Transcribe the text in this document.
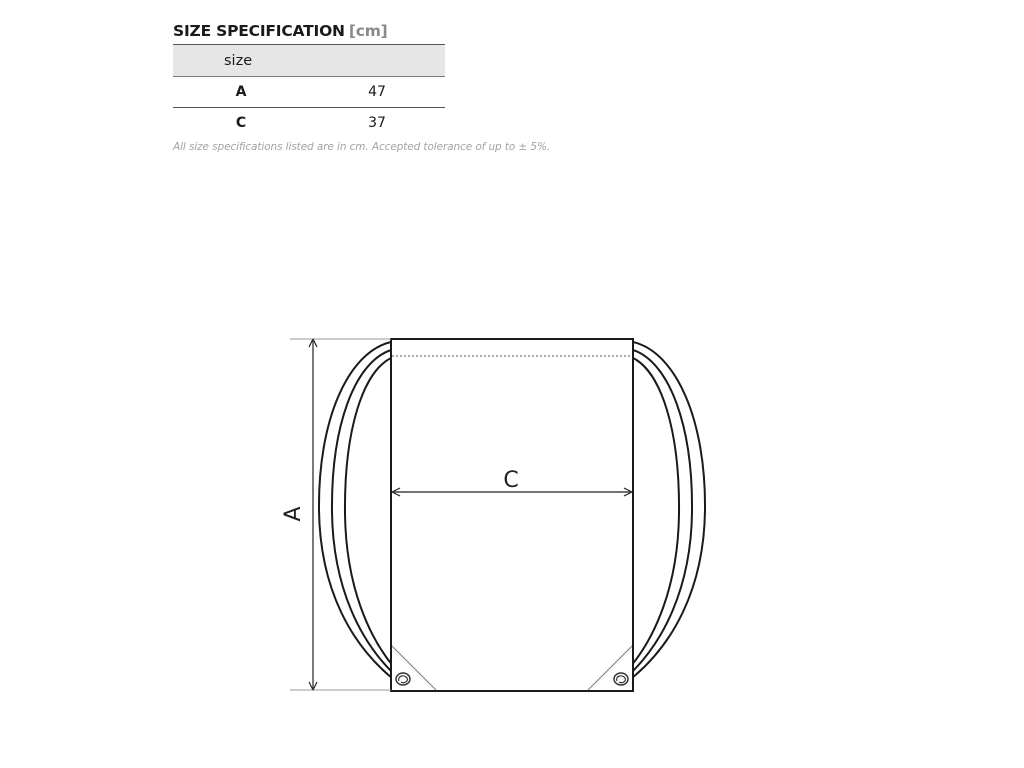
SIZE SPECIFICATION [cm]
size
A	47
C	37
All size specifications listed are in cm. Accepted tolerance of up to ± 5%.
A
C
